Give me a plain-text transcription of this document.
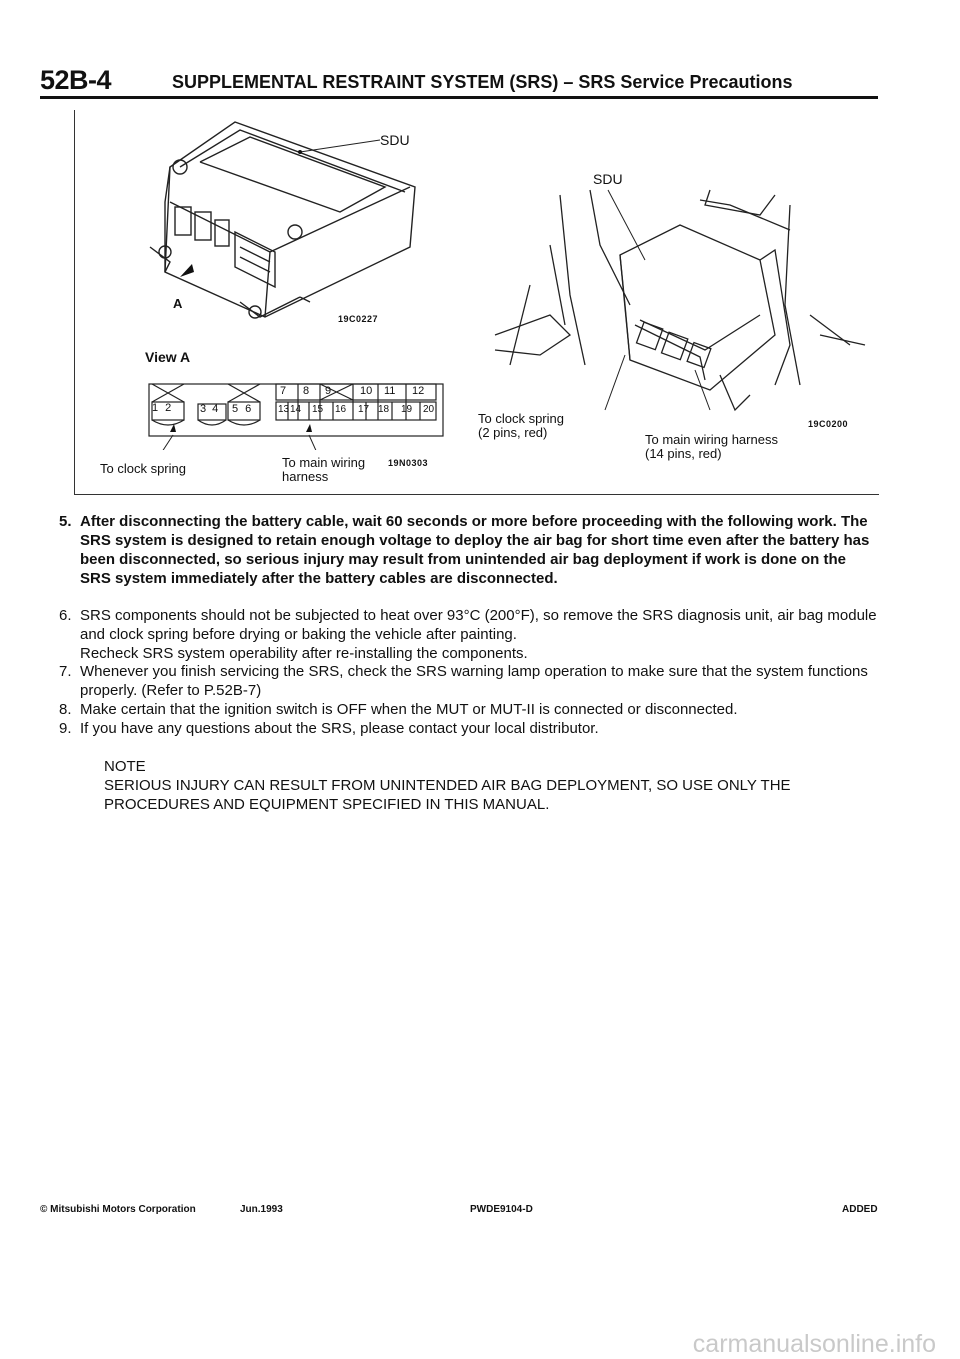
52B-4	SUPPLEMENTAL RESTRAINT SYSTEM (SRS) – SRS Service Precautions
SDU
A
19C0227
View A
12 34 56
7 8 9	10 11 12
13 14 15 16 17 18 19 20
To clock spring	To main wiring
harness
19N0303
SDU
To clock spring
(2 pins, red)	To main wiring harness
(14 pins, red)
19C0200
5. After disconnecting the battery cable, wait 60 seconds or more before proceeding with the following work. The SRS system is designed to retain enough voltage to deploy the air bag for short time even after the battery has been disconnected, so serious injury may result from unintended air bag deployment if work is done on the SRS system immediately after the battery cables are disconnected.
6. SRS components should not be subjected to heat over 93°C (200°F), so remove the SRS diagnosis unit, air bag module and clock spring before drying or baking the vehicle after painting.
Recheck SRS system operability after re-installing the components.
7. Whenever you finish servicing the SRS, check the SRS warning lamp operation to make sure that the system functions properly. (Refer to P.52B-7)
8. Make certain that the ignition switch is OFF when the MUT or MUT-II is connected or disconnected.
9. If you have any questions about the SRS, please contact your local distributor.
NOTE
SERIOUS INJURY CAN RESULT FROM UNINTENDED AIR BAG DEPLOYMENT, SO USE ONLY THE PROCEDURES AND EQUIPMENT SPECIFIED IN THIS MANUAL.
© Mitsubishi Motors Corporation	Jun.1993	PWDE9104-D	ADDED
carmanualsonline.info
